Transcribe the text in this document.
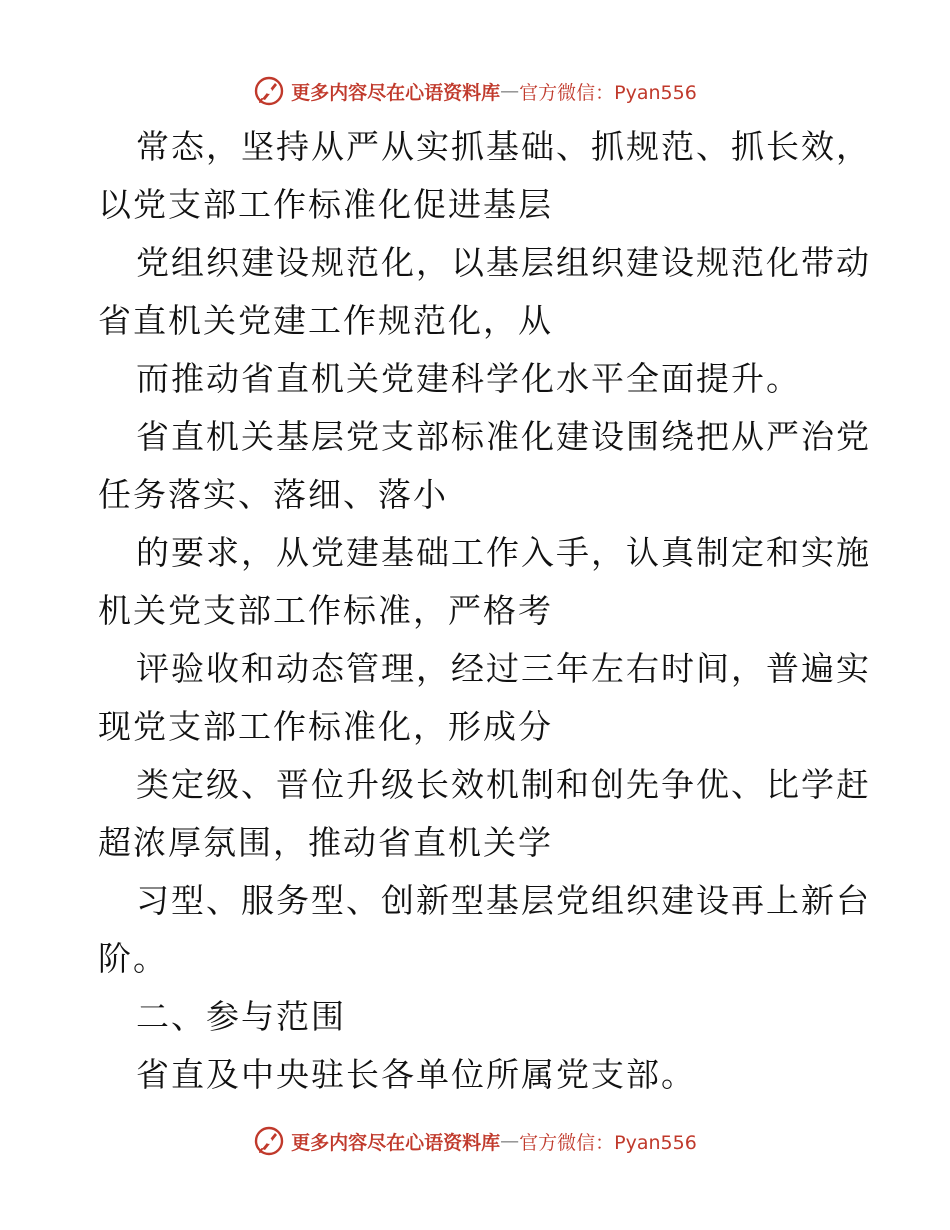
更多内容尽在心语资料库 — 官方微信：Pyan556
常态，坚持从严从实抓基础、抓规范、抓长效，
以党支部工作标准化促进基层
党组织建设规范化，以基层组织建设规范化带动
省直机关党建工作规范化，从
而推动省直机关党建科学化水平全面提升。
省直机关基层党支部标准化建设围绕把从严治党
任务落实、落细、落小
的要求，从党建基础工作入手，认真制定和实施
机关党支部工作标准，严格考
评验收和动态管理，经过三年左右时间，普遍实
现党支部工作标准化，形成分
类定级、晋位升级长效机制和创先争优、比学赶
超浓厚氛围，推动省直机关学
习型、服务型、创新型基层党组织建设再上新台
阶。
二、参与范围
省直及中央驻长各单位所属党支部。
更多内容尽在心语资料库 — 官方微信：Pyan556
